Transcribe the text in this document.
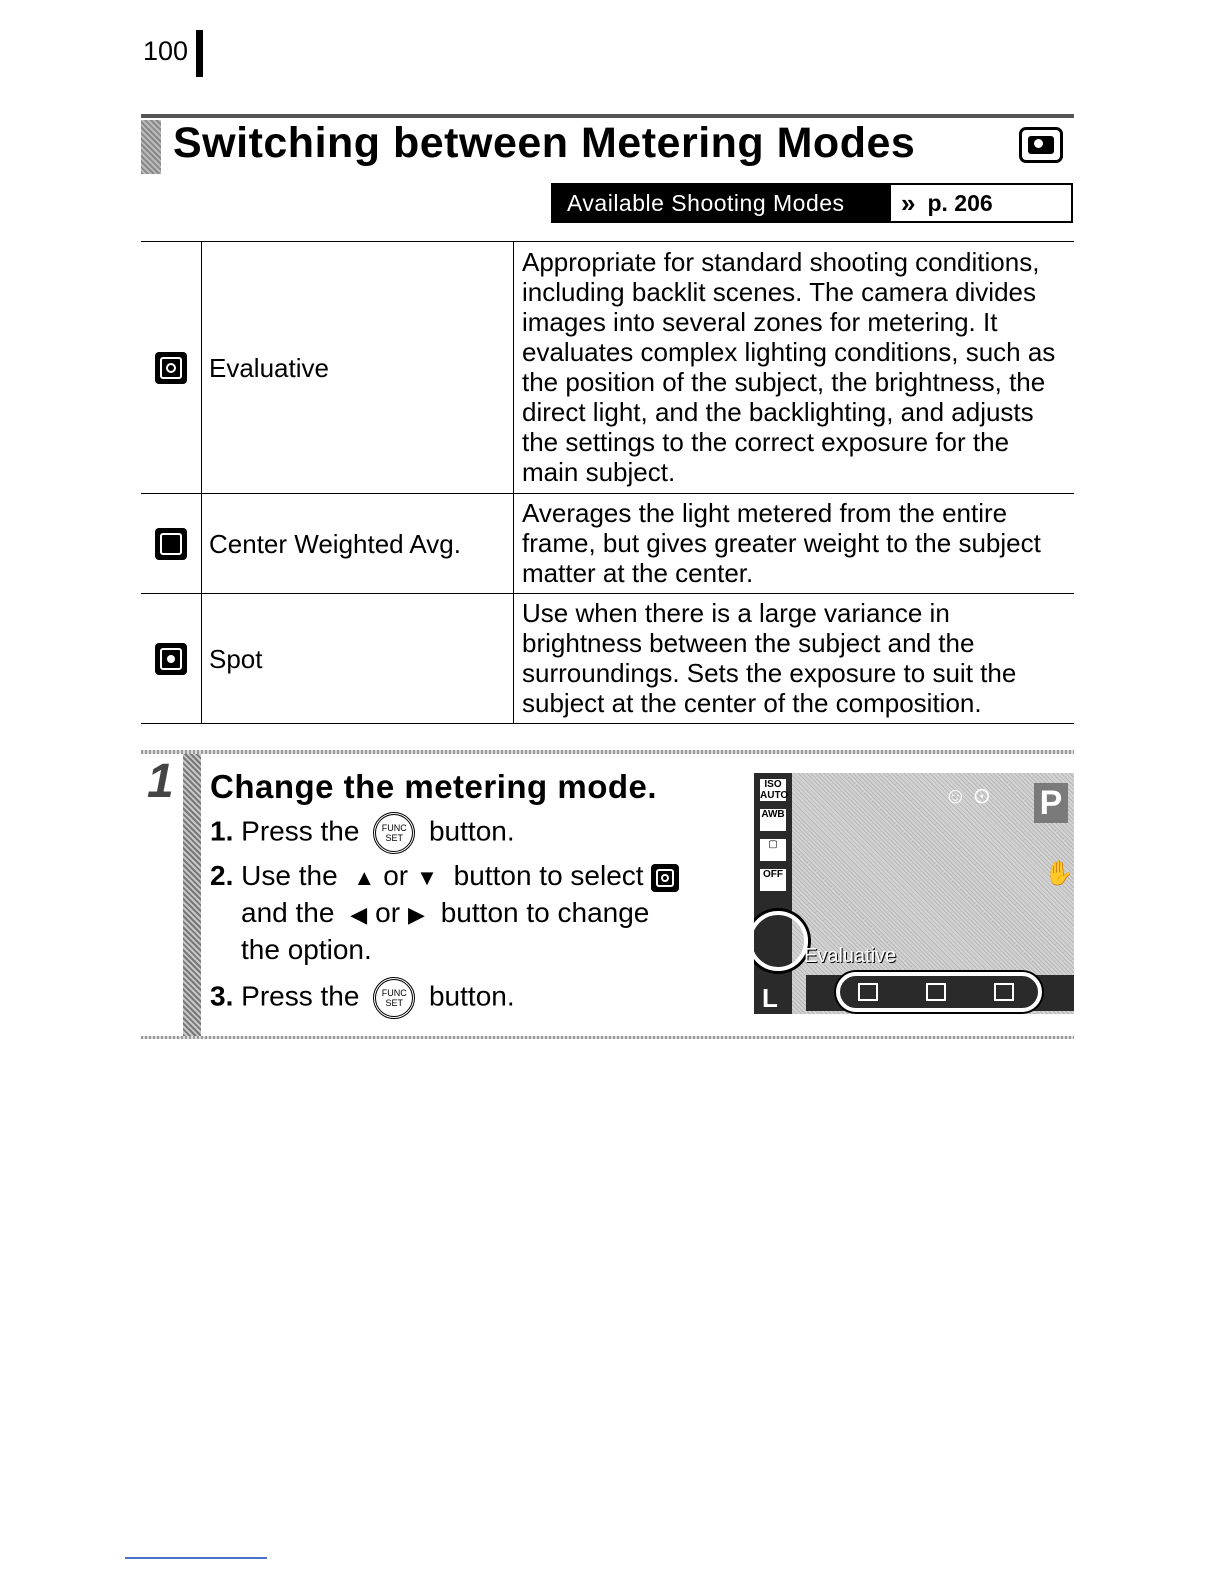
100
Switching between Metering Modes
Available Shooting Modes	» p. 206
	Evaluative	Appropriate for standard shooting conditions, including backlit scenes. The camera divides images into several zones for metering. It evaluates complex lighting conditions, such as the position of the subject, the brightness, the direct light, and the backlighting, and adjusts the settings to the correct exposure for the main subject.

	Center Weighted Avg.	Averages the light metered from the entire frame, but gives greater weight to the subject matter at the center.

	Spot	Use when there is a large variance in brightness between the subject and the surroundings. Sets the exposure to suit the subject at the center of the composition.
1 Change the metering mode.
1. Press the FUNC SET button.
2. Use the ▲ or ▼ button to select
and the ◀ or ▶ button to change
the option.
3. Press the FUNC SET button.
ISO AUTO
AWB
▢
OFF
L
☺ ⊙ P
✋
Evaluative
